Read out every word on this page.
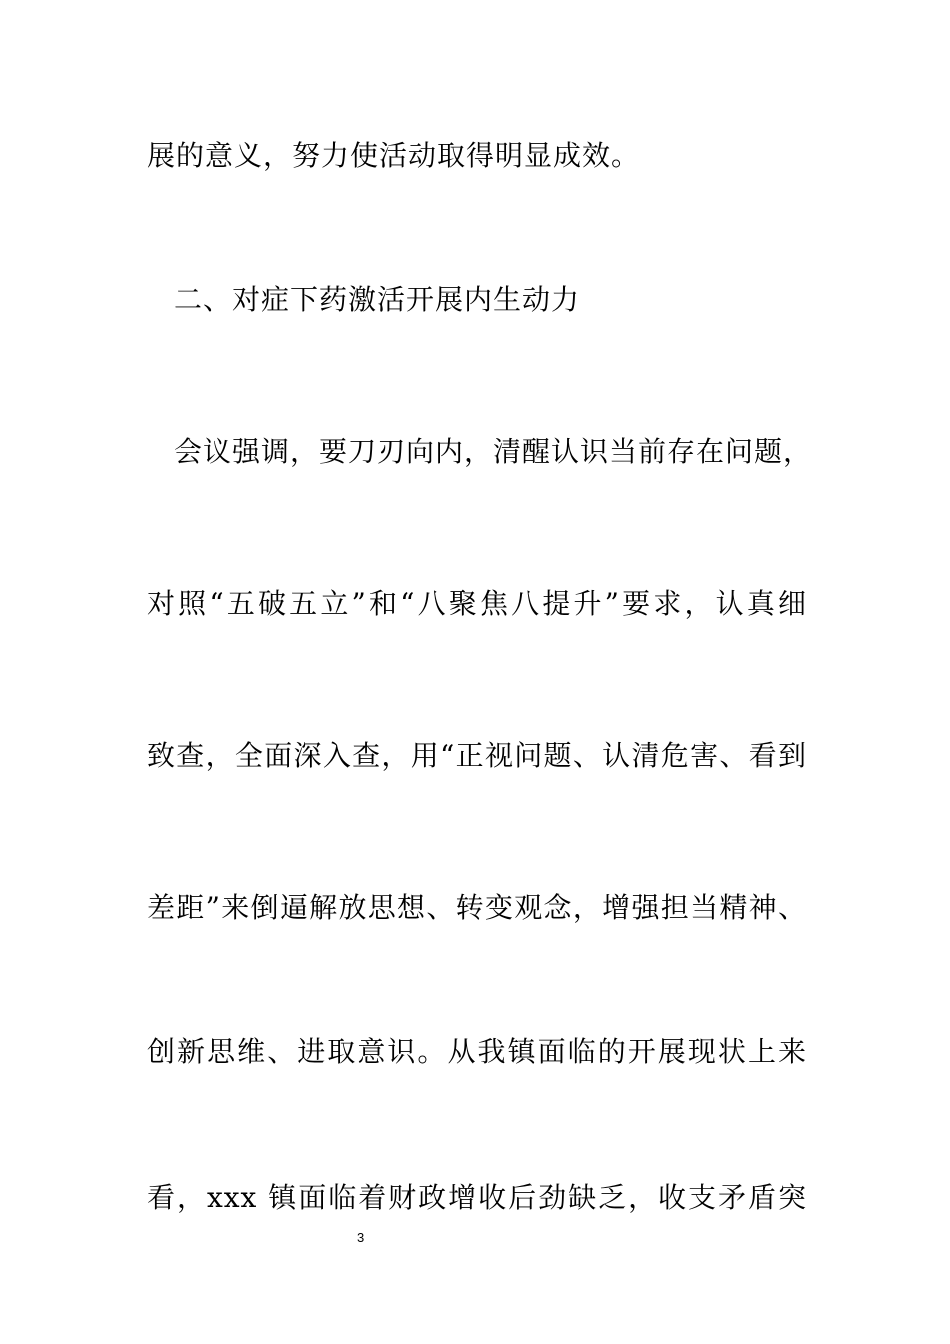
展的意义，努力使活动取得明显成效。
二、对症下药激活开展内生动力
会议强调，要刀刃向内，清醒认识当前存在问题，
对照“五破五立”和“八聚焦八提升”要求，认真细
致查，全面深入查，用“正视问题、认清危害、看到
差距”来倒逼解放思想、转变观念，增强担当精神、
创新思维、进取意识。从我镇面临的开展现状上来
看，xxx 镇面临着财政增收后劲缺乏，收支矛盾突
3
